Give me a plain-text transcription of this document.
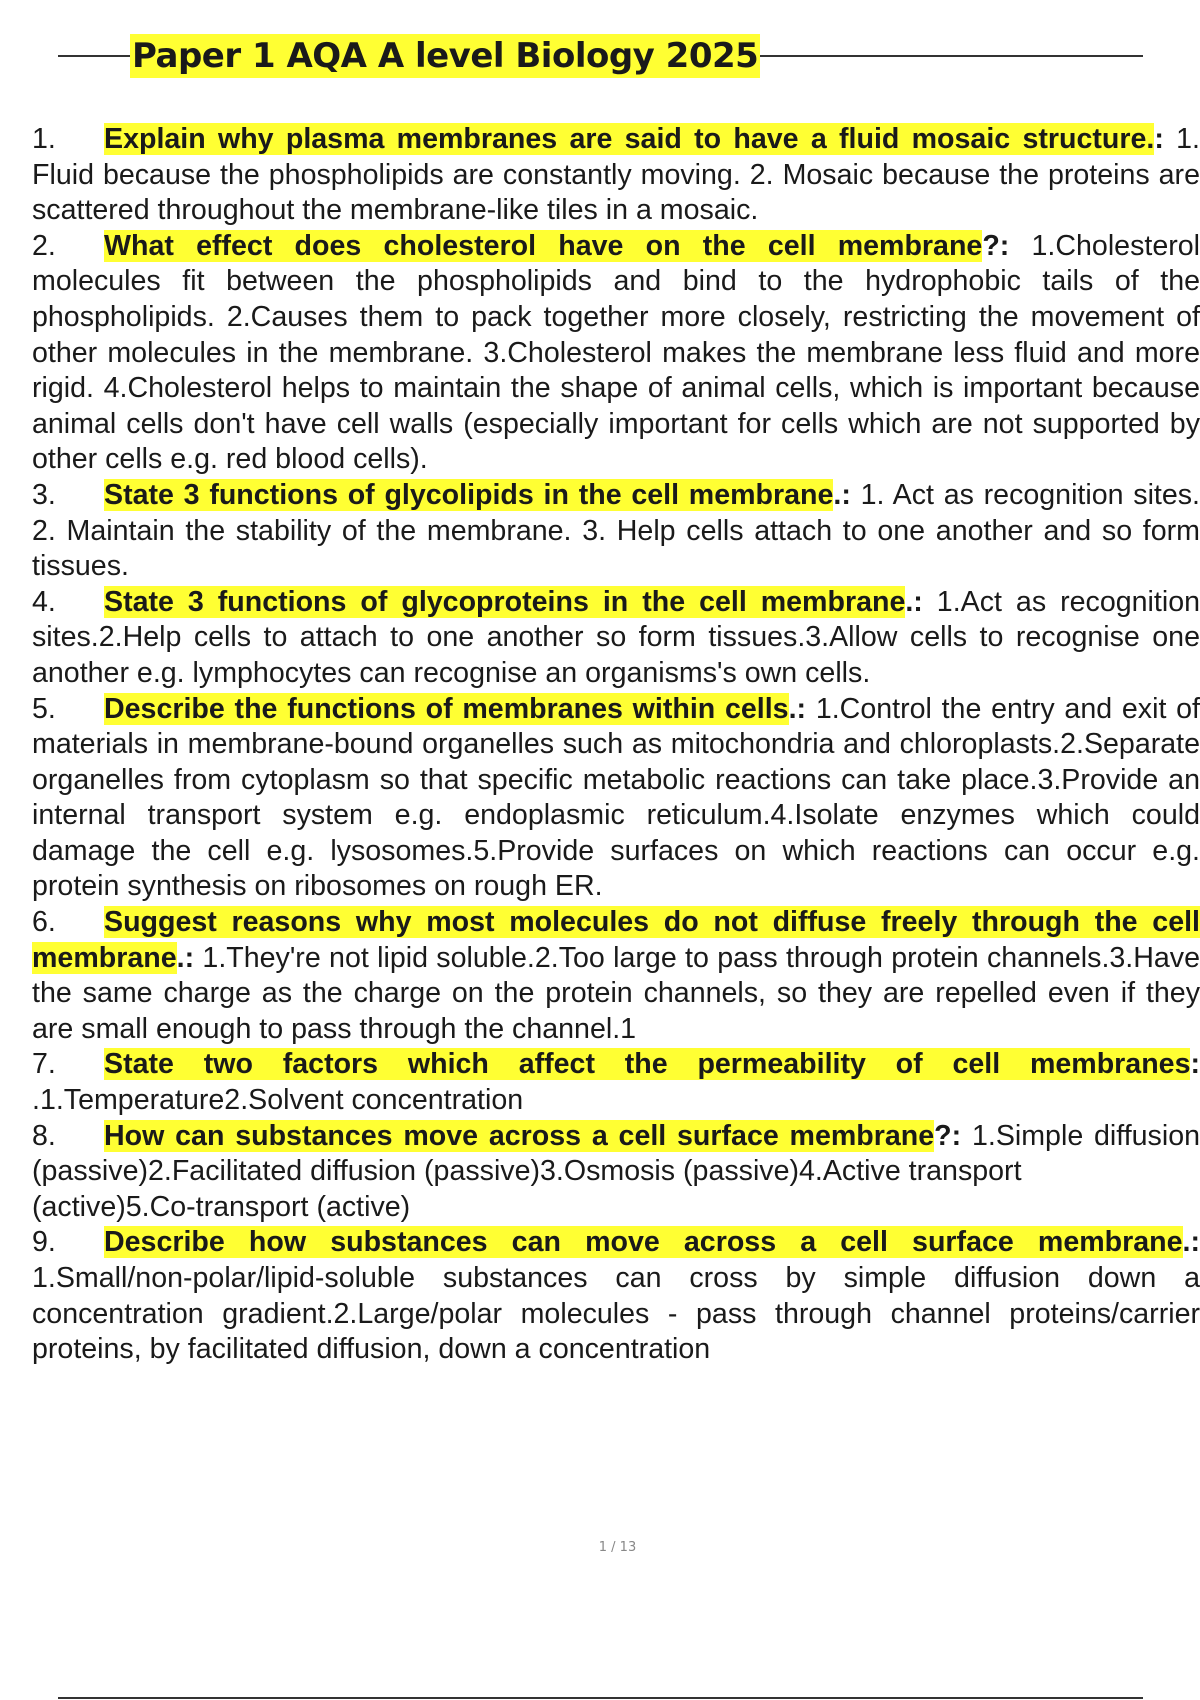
Paper 1 AQA A level Biology 2025

1. Explain why plasma membranes are said to have a fluid mosaic structure.: 1. Fluid because the phospholipids are constantly moving. 2. Mosaic because the proteins are scattered throughout the membrane-like tiles in a mosaic.

2. What effect does cholesterol have on the cell membrane?: 1.Cholesterol molecules fit between the phospholipids and bind to the hydrophobic tails of the phospholipids. 2.Causes them to pack together more closely, restricting the movement of other molecules in the membrane. 3.Cholesterol makes the membrane less fluid and more rigid. 4.Cholesterol helps to maintain the shape of animal cells, which is important because animal cells don't have cell walls (especially important for cells which are not supported by other cells e.g. red blood cells).

3. State 3 functions of glycolipids in the cell membrane.: 1. Act as recognition sites. 2. Maintain the stability of the membrane. 3. Help cells attach to one another and so form tissues.

4. State 3 functions of glycoproteins in the cell membrane.: 1.Act as recognition sites.2.Help cells to attach to one another so form tissues.3.Allow cells to recognise one another e.g. lymphocytes can recognise an organisms's own cells.

5. Describe the functions of membranes within cells.: 1.Control the entry and exit of materials in membrane-bound organelles such as mitochondria and chloroplasts.2.Separate organelles from cytoplasm so that specific metabolic reactions can take place.3.Provide an internal transport system e.g. endoplasmic reticulum.4.Isolate enzymes which could damage the cell e.g. lysosomes.5.Provide surfaces on which reactions can occur e.g. protein synthesis on ribosomes on rough ER.

6. Suggest reasons why most molecules do not diffuse freely through the cell membrane.: 1.They're not lipid soluble.2.Too large to pass through protein channels.3.Have the same charge as the charge on the protein channels, so they are repelled even if they are small enough to pass through the channel.1

7. State two factors which affect the permeability of cell membranes: .1.Temperature2.Solvent concentration

8. How can substances move across a cell surface membrane?: 1.Simple diffusion (passive)2.Facilitated diffusion (passive)3.Osmosis (passive)4.Active transport
(active)5.Co-transport (active)

9. Describe how substances can move across a cell surface membrane.: 1.Small/non-polar/lipid-soluble substances can cross by simple diffusion down a concentration gradient.2.Large/polar molecules - pass through channel proteins/carrier proteins, by facilitated diffusion, down a concentration

1 / 13
